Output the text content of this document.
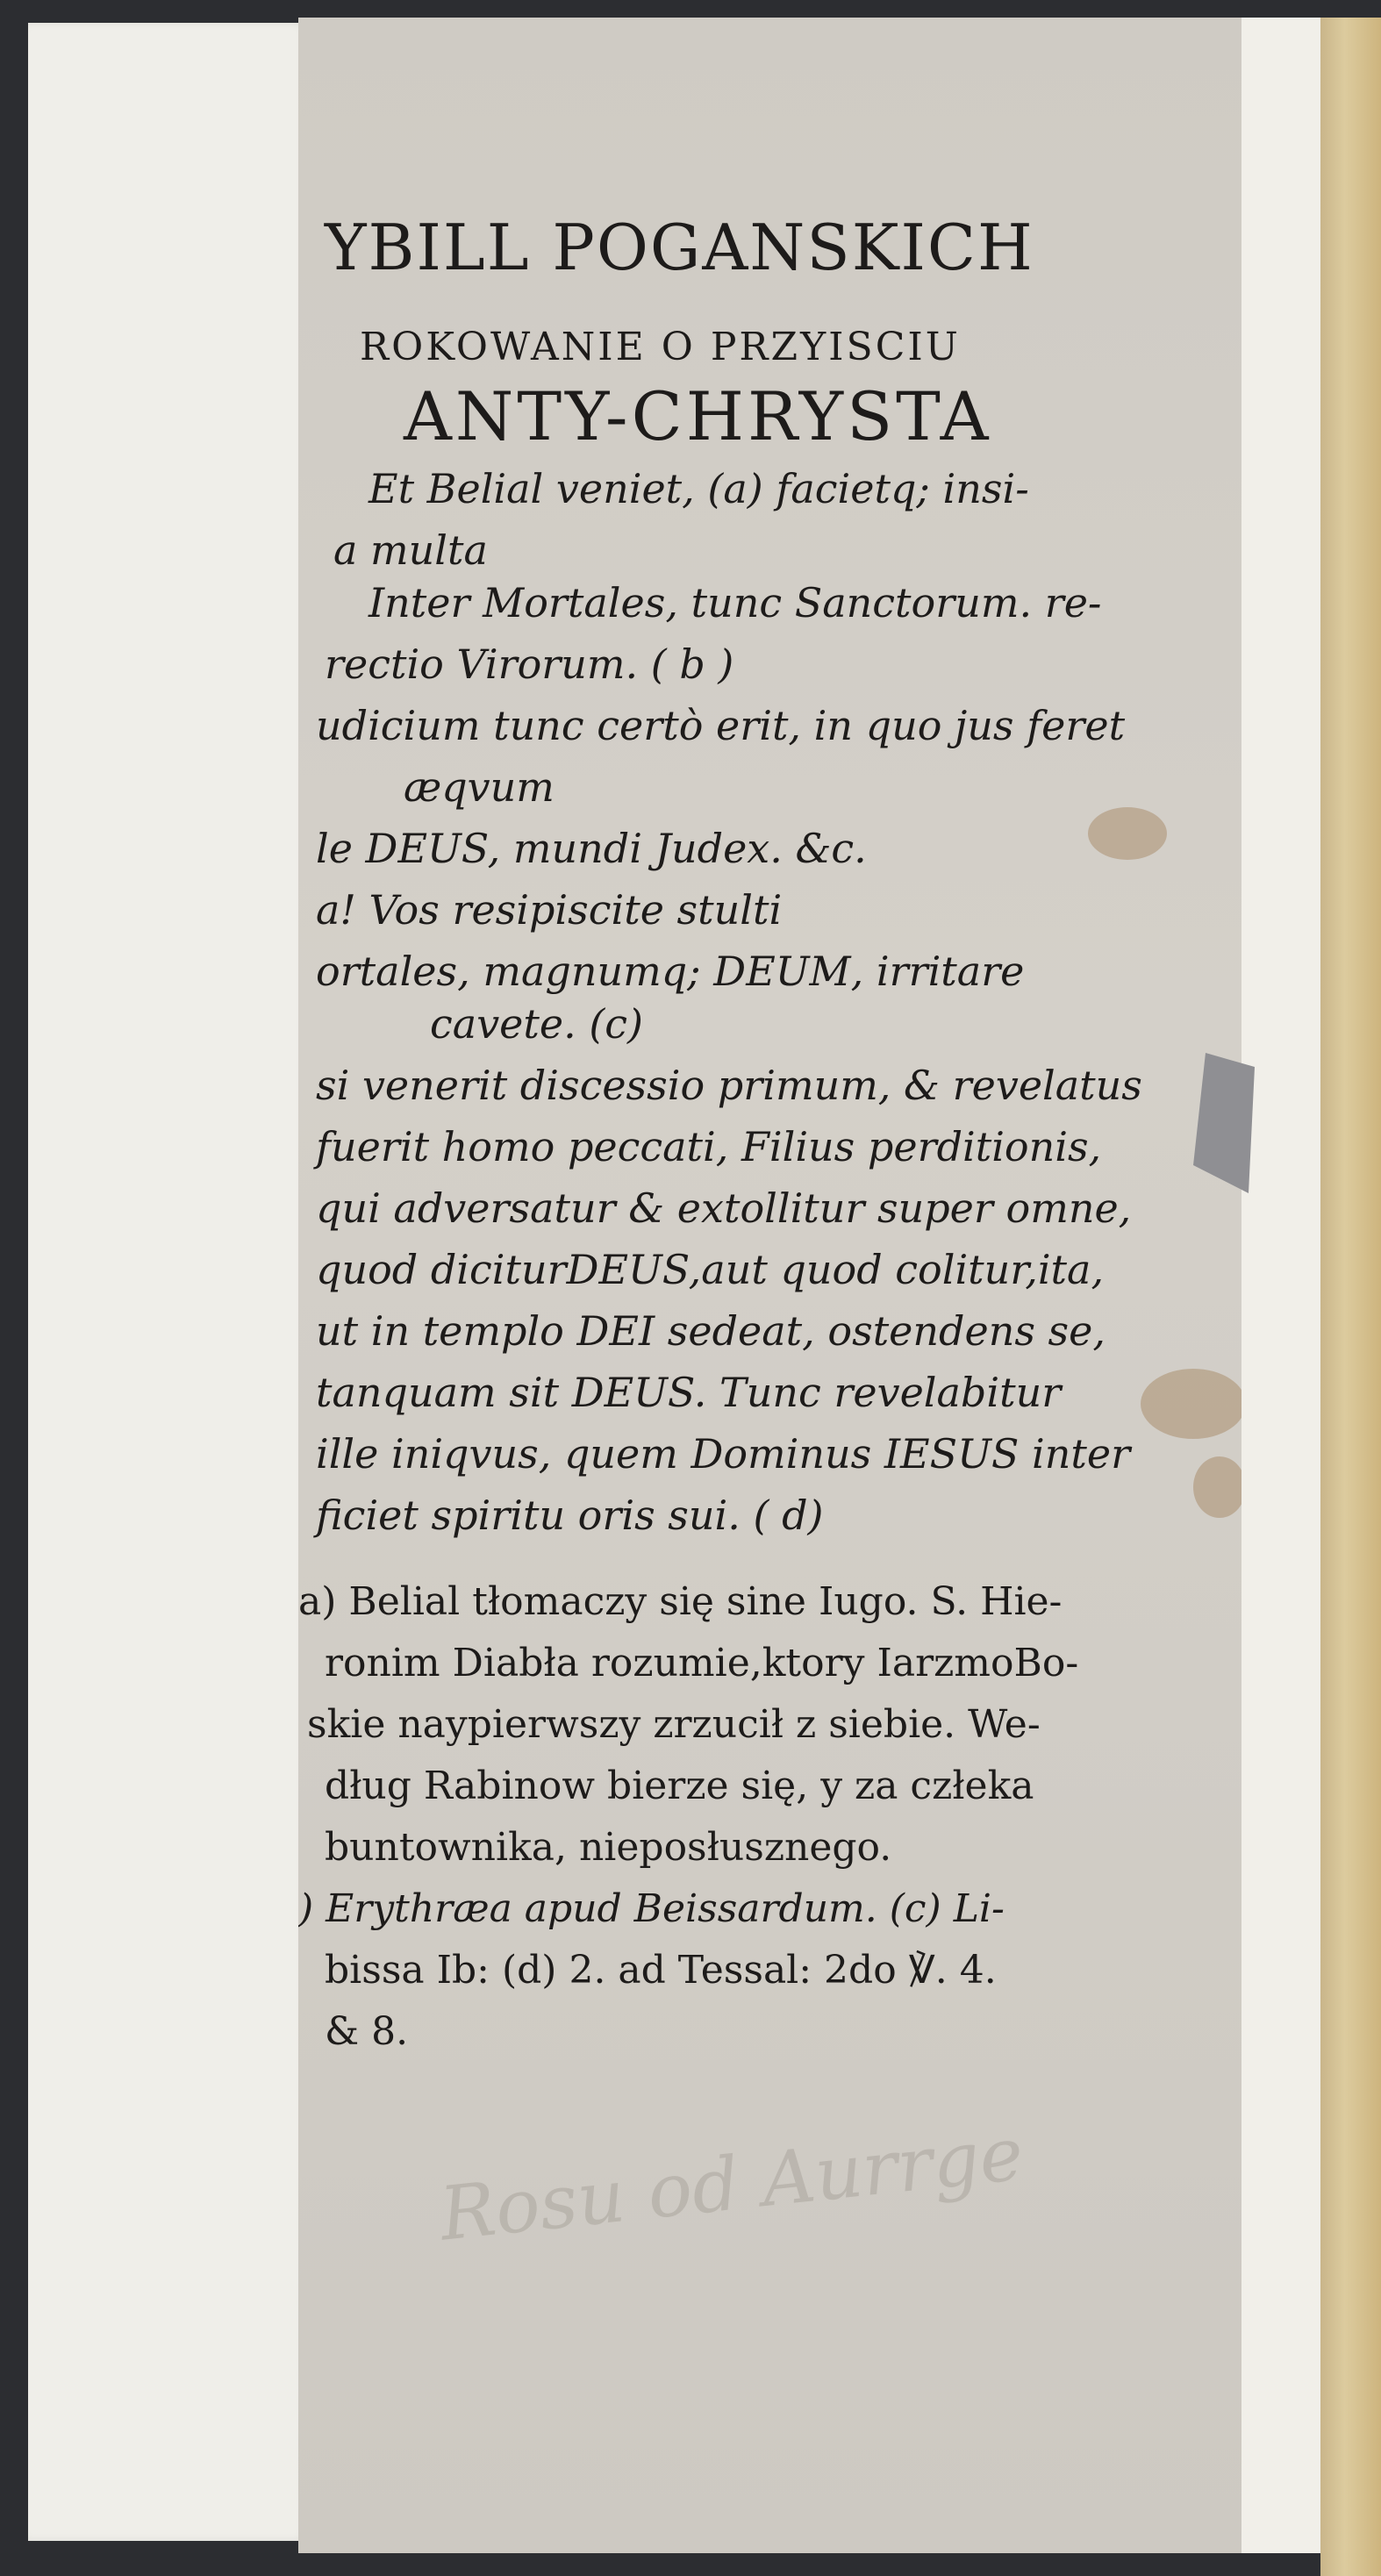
Rosu od Aurrge
YBILL POGANSKICH
ROKOWANIE O PRZYISCIU
ANTY-CHRYSTA
Et Belial veniet, (a) facietq; insi-
a multa
Inter Mortales, tunc Sanctorum. re-
rectio Virorum. ( b )
udicium tunc certò erit, in quo jus feret
æqvum
le DEUS, mundi Judex. &c.
a! Vos resipiscite stulti
ortales, magnumq; DEUM, irritare
cavete. (c)
si venerit discessio primum, & revelatus
fuerit homo peccati, Filius perditionis,
qui adversatur & extollitur super omne,
quod diciturDEUS,aut quod colitur,ita,
ut in templo DEI sedeat, ostendens se,
tanquam sit DEUS. Tunc revelabitur
ille iniqvus, quem Dominus IESUS inter
ficiet spiritu oris sui. ( d)
a) Belial tłomaczy się sine Iugo. S. Hie-
ronim Diabła rozumie,ktory IarzmoBo-
skie naypierwszy zrzucił z siebie. We-
dług Rabinow bierze się, y za człeka
buntownika, nieposłusznego.
) Erythræa apud Beissardum. (c) Li-
bissa Ib: (d) 2. ad Tessal: 2do ℣. 4.
& 8.
